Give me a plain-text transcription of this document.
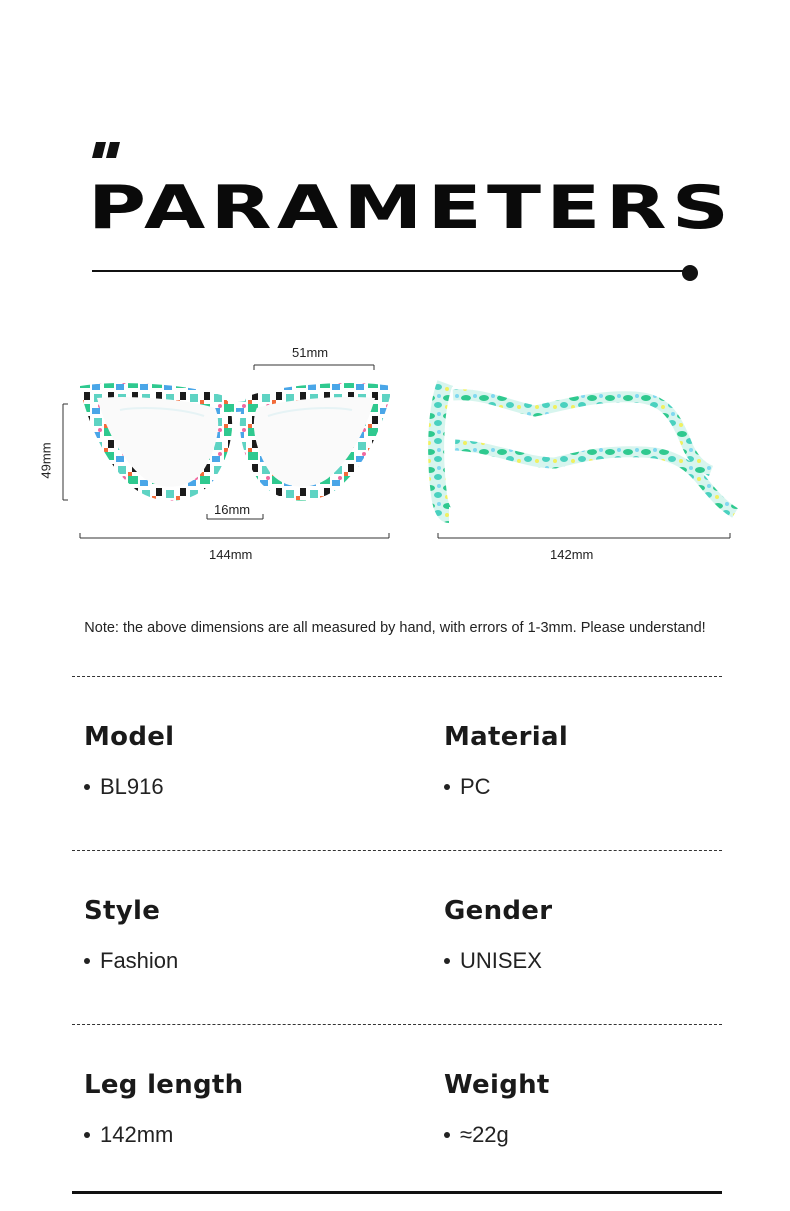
PARAMETERS
51mm
49mm
16mm
144mm	142mm
Note: the above dimensions are all measured by hand, with errors of 1-3mm. Please understand!
Model
BL916
Material
PC
Style
Fashion
Gender
UNISEX
Leg length
142mm
Weight
≈22g
